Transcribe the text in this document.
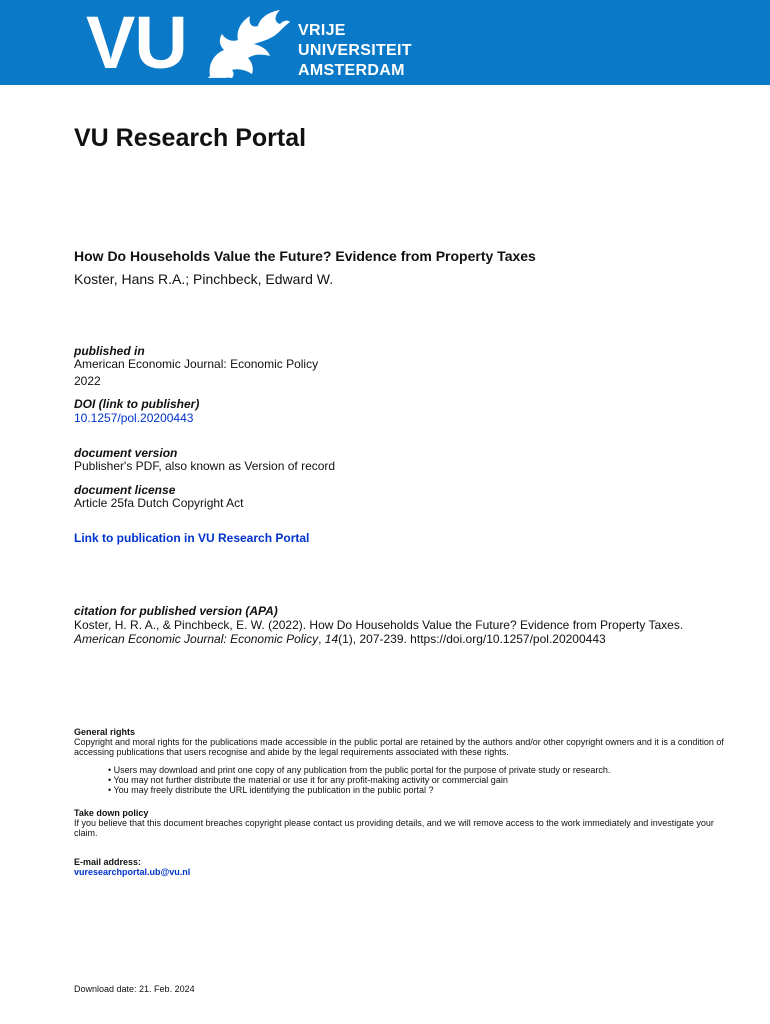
VU	VRIJE
UNIVERSITEIT
AMSTERDAM
VU Research Portal
How Do Households Value the Future? Evidence from Property Taxes
Koster, Hans R.A.; Pinchbeck, Edward W.
published in
American Economic Journal: Economic Policy
2022
DOI (link to publisher)
10.1257/pol.20200443
document version
Publisher's PDF, also known as Version of record
document license
Article 25fa Dutch Copyright Act
Link to publication in VU Research Portal
citation for published version (APA)
Koster, H. R. A., & Pinchbeck, E. W. (2022). How Do Households Value the Future? Evidence from Property Taxes. American Economic Journal: Economic Policy, 14(1), 207-239. https://doi.org/10.1257/pol.20200443
General rights
Copyright and moral rights for the publications made accessible in the public portal are retained by the authors and/or other copyright owners and it is a condition of accessing publications that users recognise and abide by the legal requirements associated with these rights.
• Users may download and print one copy of any publication from the public portal for the purpose of private study or research.
• You may not further distribute the material or use it for any profit-making activity or commercial gain
• You may freely distribute the URL identifying the publication in the public portal ?
Take down policy
If you believe that this document breaches copyright please contact us providing details, and we will remove access to the work immediately and investigate your claim.
E-mail address:
vuresearchportal.ub@vu.nl
Download date: 21. Feb. 2024
